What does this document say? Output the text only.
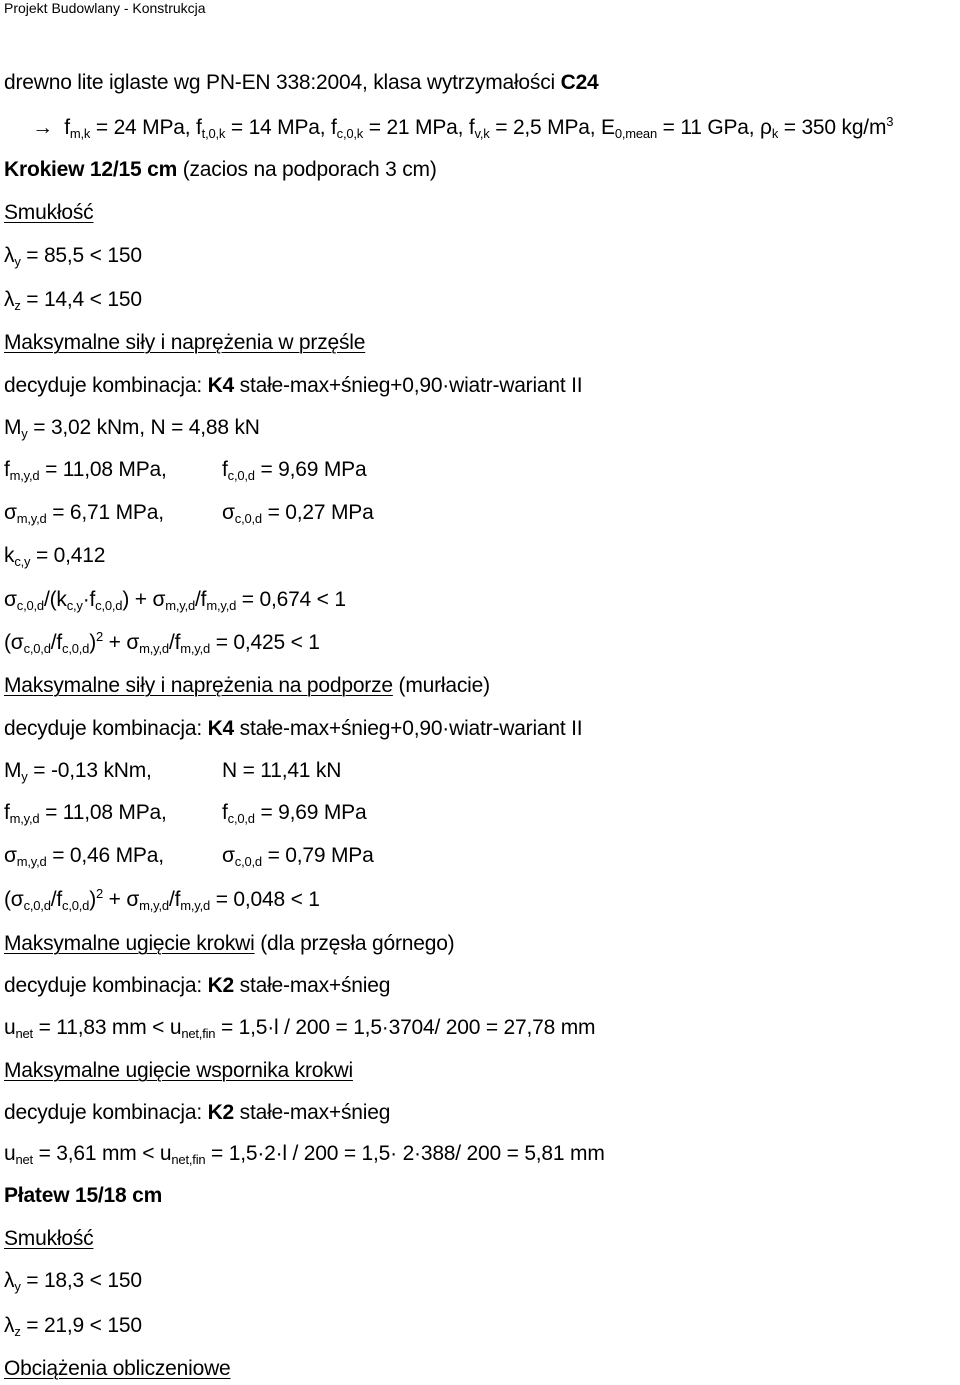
Projekt Budowlany - Konstrukcja
drewno lite iglaste wg PN-EN 338:2004, klasa wytrzymałości C24
→  $f_{m,k} = 24$ MPa, $f_{t,0,k} = 14$ MPa, $f_{c,0,k} = 21$ MPa, $f_{v,k} = 2,5$ MPa, $E_{0,mean} = 11$ GPa, $\rho_k = 350$ $kg/m^3$
Krokiew 12/15 cm (zacios na podporach 3 cm)
Smukłość
$\lambda_y = 85,5 < 150$
$\lambda_z = 14,4 < 150$
Maksymalne siły i naprężenia w przęśle
decyduje kombinacja: K4 stałe-max+śnieg+0,90·wiatr-wariant II
$M_y = 3,02$ kNm, N = 4,88 kN
$f_{m,y,d} = 11,08$ MPa,	$f_{c,0,d} = 9,69$ MPa
$\sigma_{m,y,d} = 6,71$ MPa,	$\sigma_{c,0,d} = 0,27$ MPa
$k_{c,y} = 0,412$
$\sigma_{c,0,d}/(k_{c,y}\cdot f_{c,0,d}) + \sigma_{m,y,d}/f_{m,y,d} = 0,674 < 1$
$(\sigma_{c,0,d}/f_{c,0,d})^2 + \sigma_{m,y,d}/f_{m,y,d} = 0,425 < 1$
Maksymalne siły i naprężenia na podporze (murłacie)
decyduje kombinacja: K4 stałe-max+śnieg+0,90·wiatr-wariant II
$M_y = -0,13$ kNm,	N = 11,41 kN
$f_{m,y,d} = 11,08$ MPa,	$f_{c,0,d} = 9,69$ MPa
$\sigma_{m,y,d} = 0,46$ MPa,	$\sigma_{c,0,d} = 0,79$ MPa
$(\sigma_{c,0,d}/f_{c,0,d})^2 + \sigma_{m,y,d}/f_{m,y,d} = 0,048 < 1$
Maksymalne ugięcie krokwi (dla przęsła górnego)
decyduje kombinacja: K2 stałe-max+śnieg
$u_{net} = 11,83$ mm < $u_{net,fin} = 1,5\cdot l / 200 = 1,5\cdot 3704/$ 200 = 27,78 mm
Maksymalne ugięcie wspornika krokwi
decyduje kombinacja: K2 stałe-max+śnieg
$u_{net} = 3,61$ mm < $u_{net,fin} = 1,5\cdot 2\cdot l / 200 = 1,5\cdot 2\cdot 388/$ 200 = 5,81 mm
Płatew 15/18 cm
Smukłość
$\lambda_y = 18,3 < 150$
$\lambda_z = 21,9 < 150$
Obciążenia obliczeniowe
